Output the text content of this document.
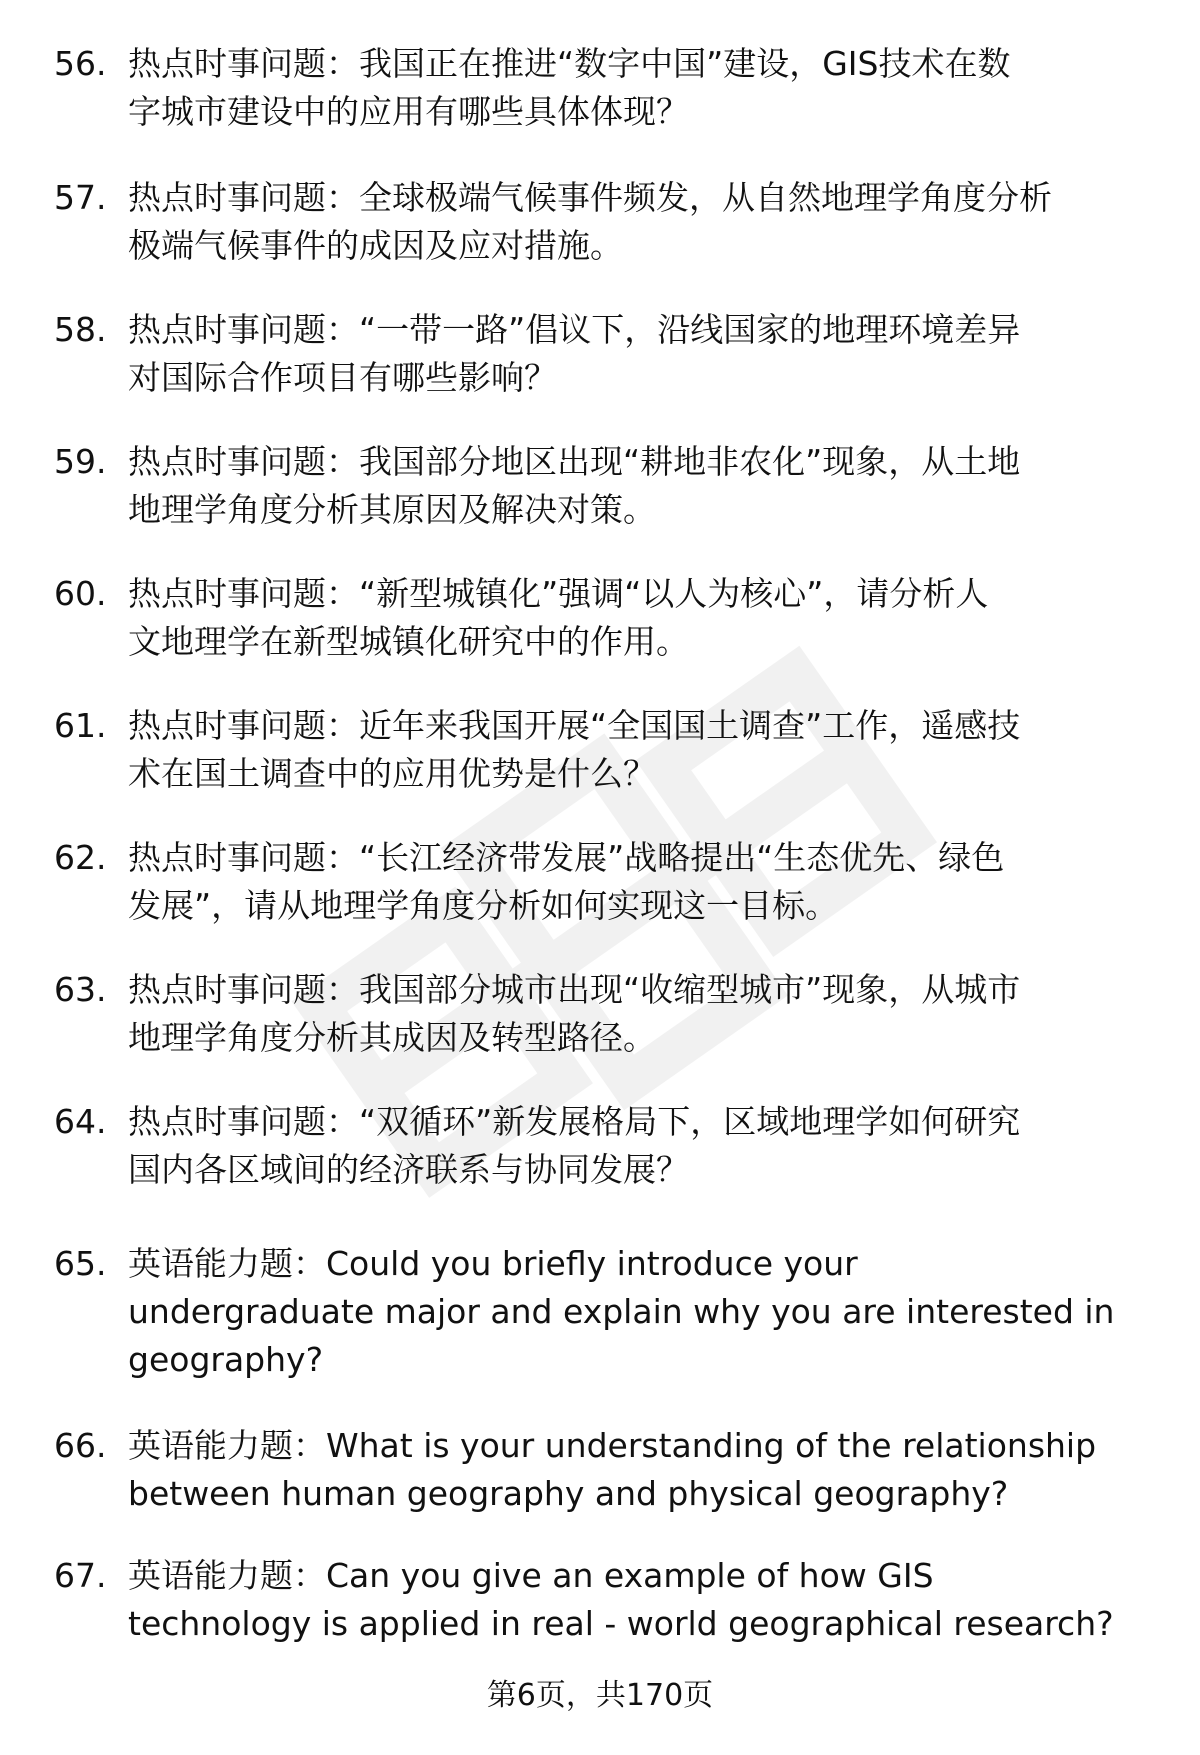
56. 热点时事问题：我国正在推进“数字中国”建设，GIS技术在数
字城市建设中的应用有哪些具体体现？
57. 热点时事问题：全球极端气候事件频发，从自然地理学角度分析
极端气候事件的成因及应对措施。
58. 热点时事问题：“一带一路”倡议下，沿线国家的地理环境差异
对国际合作项目有哪些影响？
59. 热点时事问题：我国部分地区出现“耕地非农化”现象，从土地
地理学角度分析其原因及解决对策。
60. 热点时事问题：“新型城镇化”强调“以人为核心”，请分析人
文地理学在新型城镇化研究中的作用。
61. 热点时事问题：近年来我国开展“全国国土调查”工作，遥感技
术在国土调查中的应用优势是什么？
62. 热点时事问题：“长江经济带发展”战略提出“生态优先、绿色
发展”，请从地理学角度分析如何实现这一目标。
63. 热点时事问题：我国部分城市出现“收缩型城市”现象，从城市
地理学角度分析其成因及转型路径。
64. 热点时事问题：“双循环”新发展格局下，区域地理学如何研究
国内各区域间的经济联系与协同发展？
65. 英语能力题：Could you briefly introduce your
undergraduate major and explain why you are interested in
geography?
66. 英语能力题：What is your understanding of the relationship
between human geography and physical geography?
67. 英语能力题：Can you give an example of how GIS
technology is applied in real - world geographical research?
第6页，共170页
